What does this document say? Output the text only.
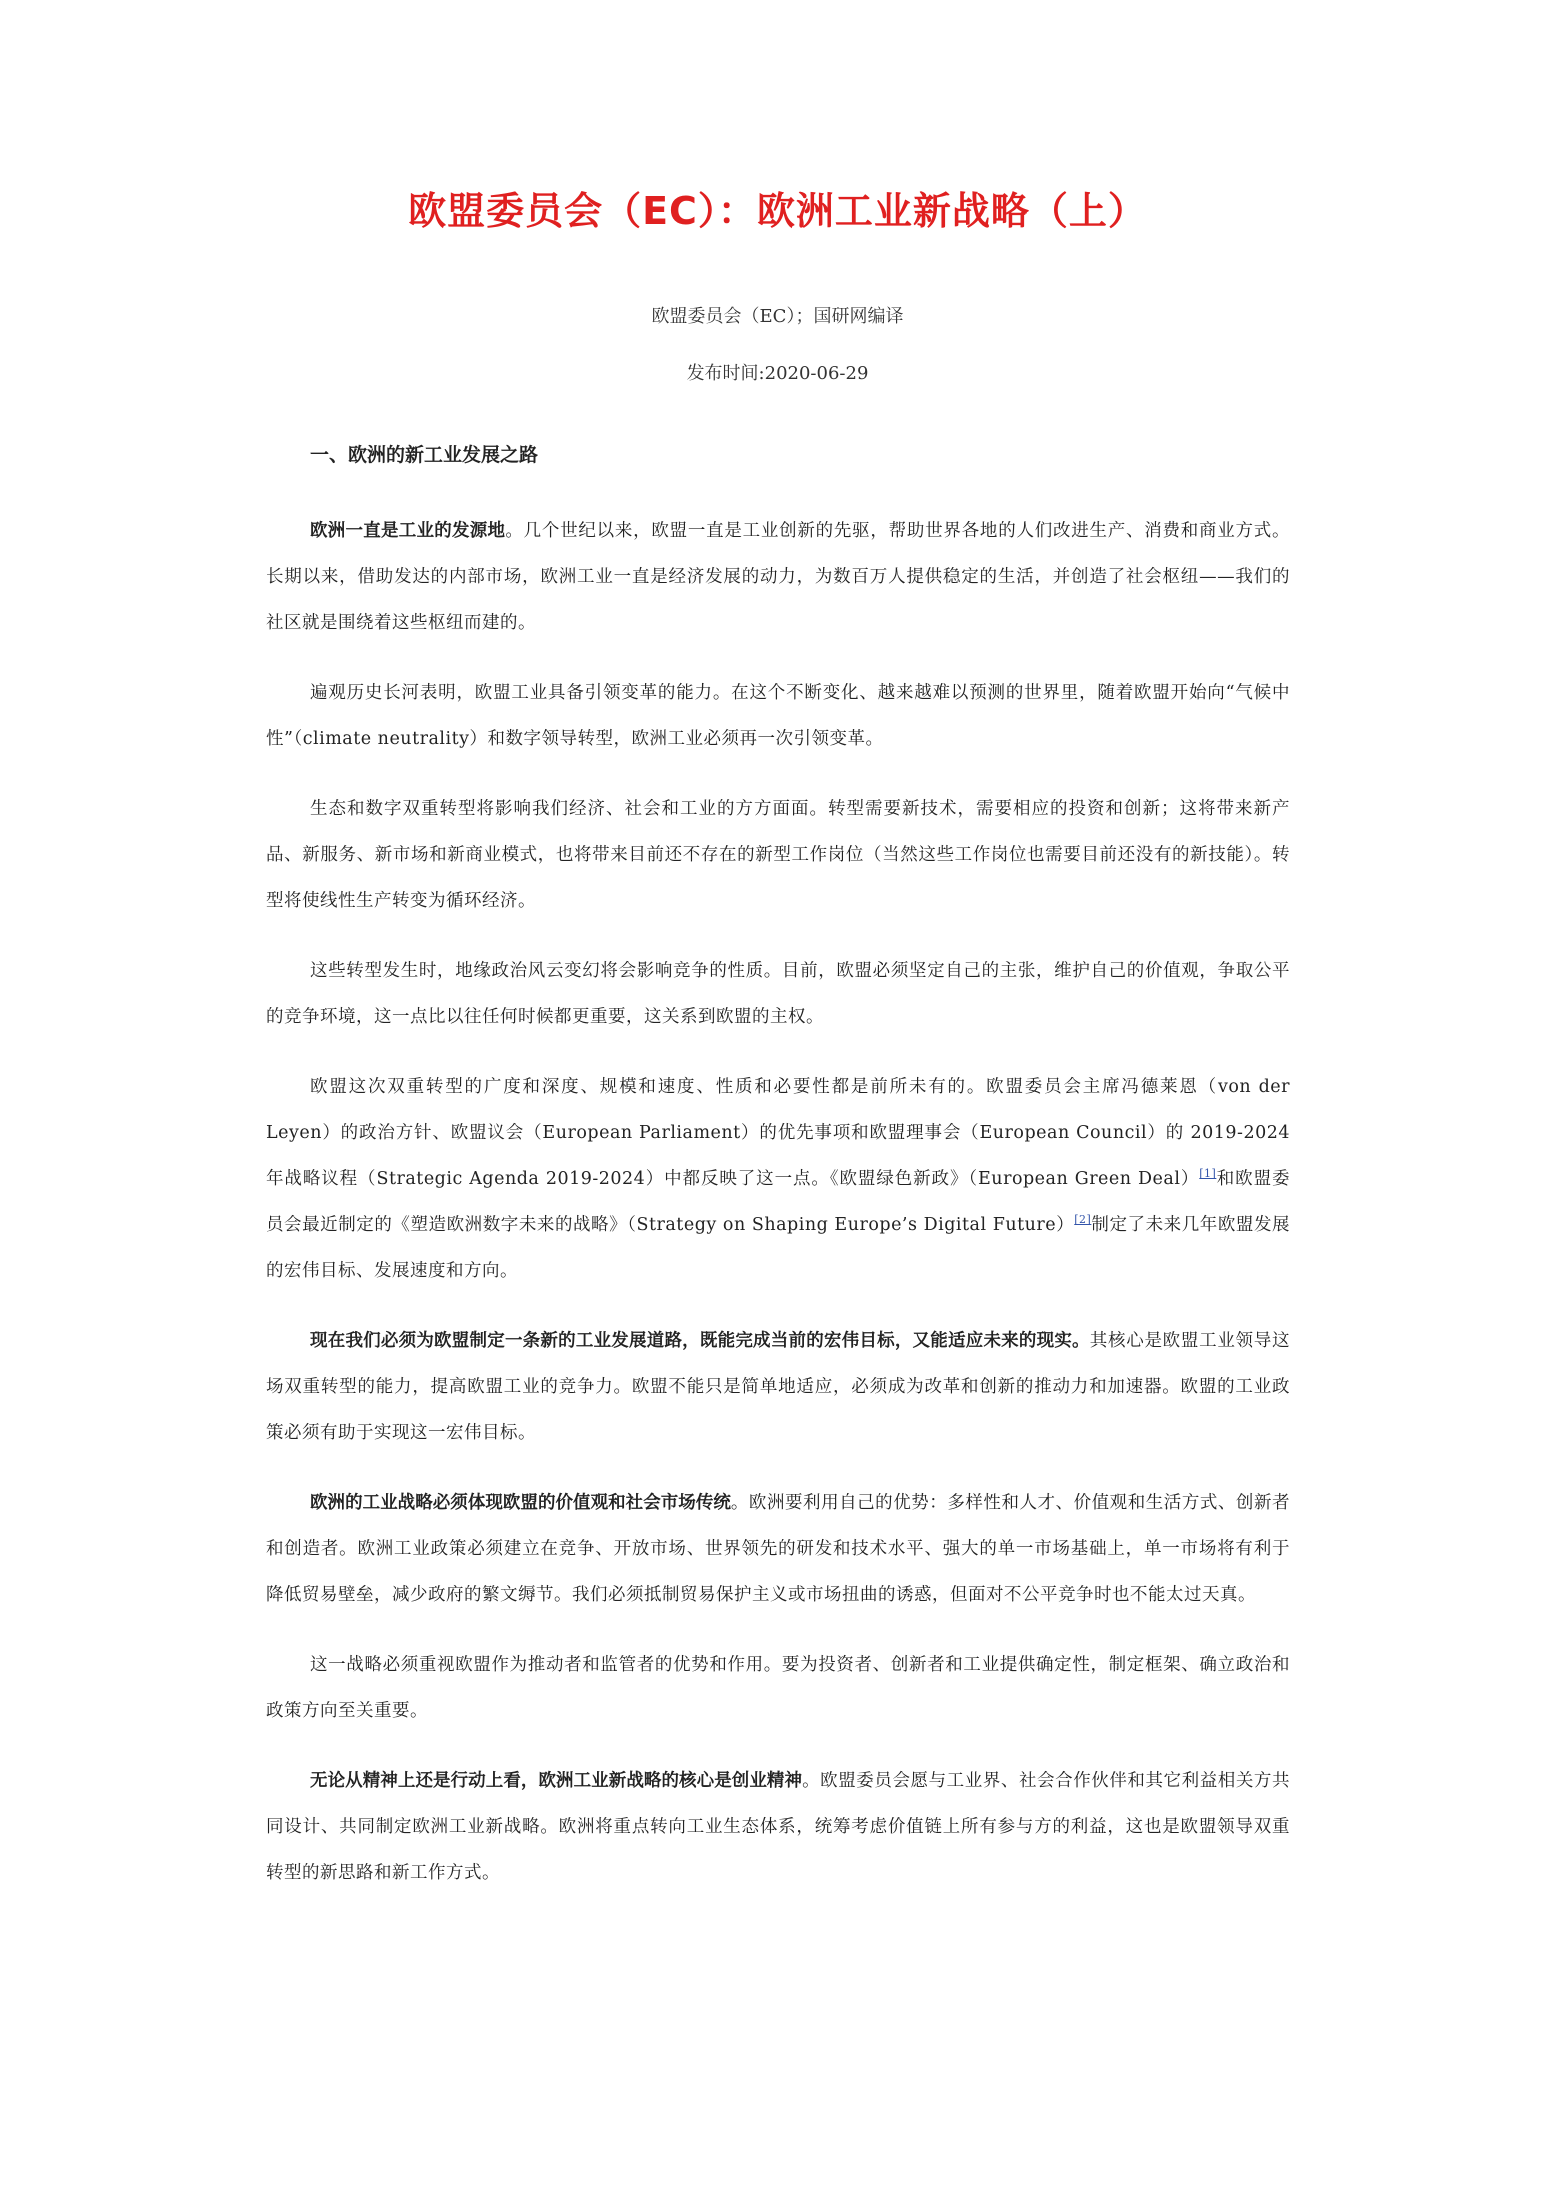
欧盟委员会（EC）：欧洲工业新战略（上）
欧盟委员会（EC）；国研网编译
发布时间:2020-06-29
一、欧洲的新工业发展之路

欧洲一直是工业的发源地。几个世纪以来，欧盟一直是工业创新的先驱，帮助世界各地的人们改进生产、消费和商业方式。长期以来，借助发达的内部市场，欧洲工业一直是经济发展的动力，为数百万人提供稳定的生活，并创造了社会枢纽——我们的社区就是围绕着这些枢纽而建的。

遍观历史长河表明，欧盟工业具备引领变革的能力。在这个不断变化、越来越难以预测的世界里，随着欧盟开始向“气候中性”（climate neutrality）和数字领导转型，欧洲工业必须再一次引领变革。

生态和数字双重转型将影响我们经济、社会和工业的方方面面。转型需要新技术，需要相应的投资和创新；这将带来新产品、新服务、新市场和新商业模式，也将带来目前还不存在的新型工作岗位（当然这些工作岗位也需要目前还没有的新技能）。转型将使线性生产转变为循环经济。

这些转型发生时，地缘政治风云变幻将会影响竞争的性质。目前，欧盟必须坚定自己的主张，维护自己的价值观，争取公平的竞争环境，这一点比以往任何时候都更重要，这关系到欧盟的主权。

欧盟这次双重转型的广度和深度、规模和速度、性质和必要性都是前所未有的。欧盟委员会主席冯德莱恩（von der Leyen）的政治方针、欧盟议会（European Parliament）的优先事项和欧盟理事会（European Council）的 2019-2024 年战略议程（Strategic Agenda 2019-2024）中都反映了这一点。《欧盟绿色新政》（European Green Deal）[1]和欧盟委员会最近制定的《塑造欧洲数字未来的战略》（Strategy on Shaping Europe’s Digital Future）[2]制定了未来几年欧盟发展的宏伟目标、发展速度和方向。

现在我们必须为欧盟制定一条新的工业发展道路，既能完成当前的宏伟目标，又能适应未来的现实。其核心是欧盟工业领导这场双重转型的能力，提高欧盟工业的竞争力。欧盟不能只是简单地适应，必须成为改革和创新的推动力和加速器。欧盟的工业政策必须有助于实现这一宏伟目标。

欧洲的工业战略必须体现欧盟的价值观和社会市场传统。欧洲要利用自己的优势：多样性和人才、价值观和生活方式、创新者和创造者。欧洲工业政策必须建立在竞争、开放市场、世界领先的研发和技术水平、强大的单一市场基础上，单一市场将有利于降低贸易壁垒，减少政府的繁文缛节。我们必须抵制贸易保护主义或市场扭曲的诱惑，但面对不公平竞争时也不能太过天真。

这一战略必须重视欧盟作为推动者和监管者的优势和作用。要为投资者、创新者和工业提供确定性，制定框架、确立政治和政策方向至关重要。

无论从精神上还是行动上看，欧洲工业新战略的核心是创业精神。欧盟委员会愿与工业界、社会合作伙伴和其它利益相关方共同设计、共同制定欧洲工业新战略。欧洲将重点转向工业生态体系，统筹考虑价值链上所有参与方的利益，这也是欧盟领导双重转型的新思路和新工作方式。
